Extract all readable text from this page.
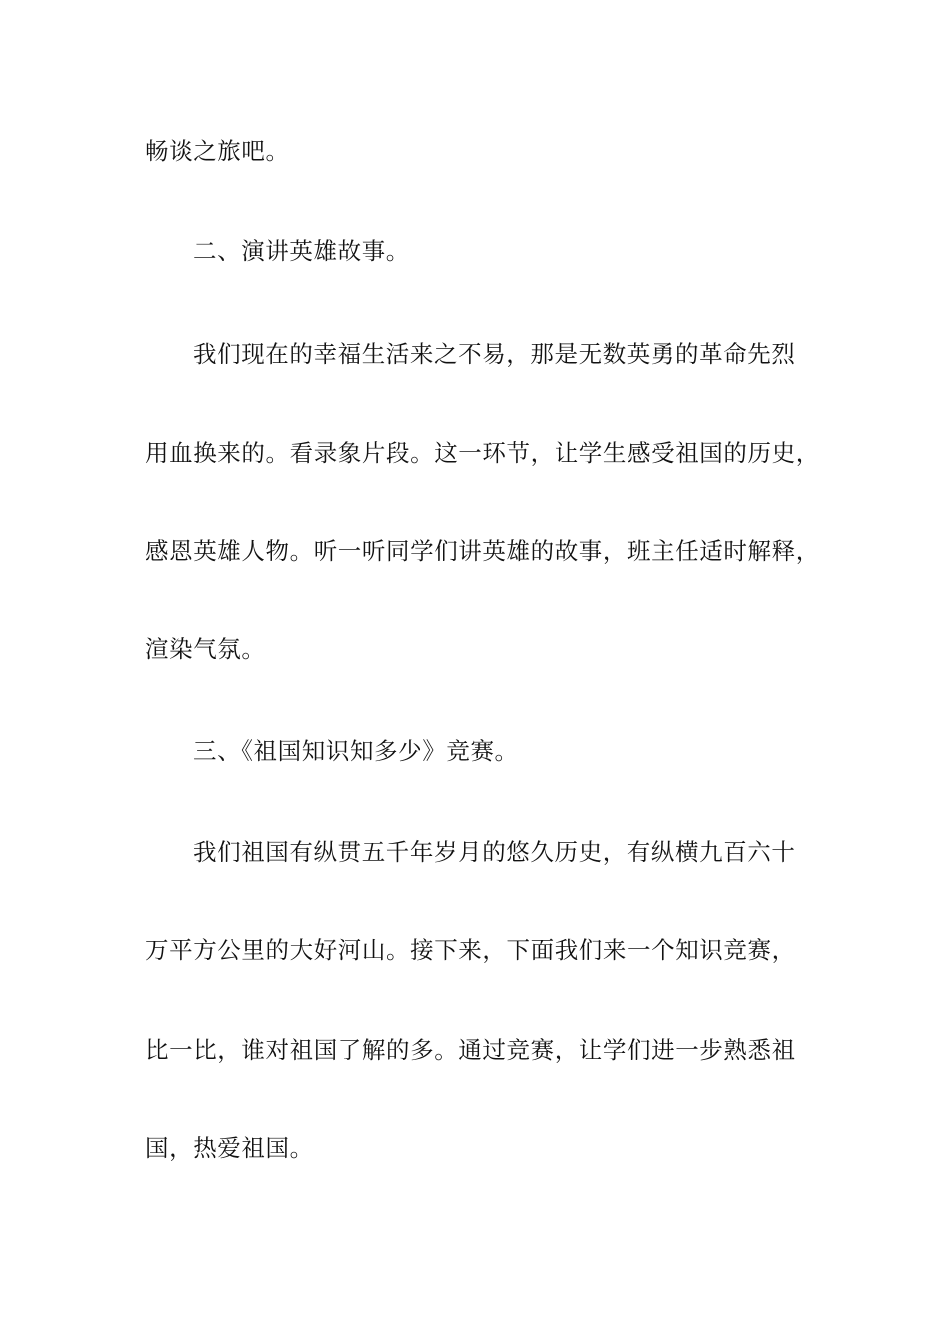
畅谈之旅吧。
二、演讲英雄故事。
我们现在的幸福生活来之不易，那是无数英勇的革命先烈
用血换来的。看录象片段。这一环节，让学生感受祖国的历史，
感恩英雄人物。听一听同学们讲英雄的故事，班主任适时解释，
渲染气氛。
三、《祖国知识知多少》竞赛。
我们祖国有纵贯五千年岁月的悠久历史，有纵横九百六十
万平方公里的大好河山。接下来，下面我们来一个知识竞赛，
比一比，谁对祖国了解的多。通过竞赛，让学们进一步熟悉祖
国，热爱祖国。
